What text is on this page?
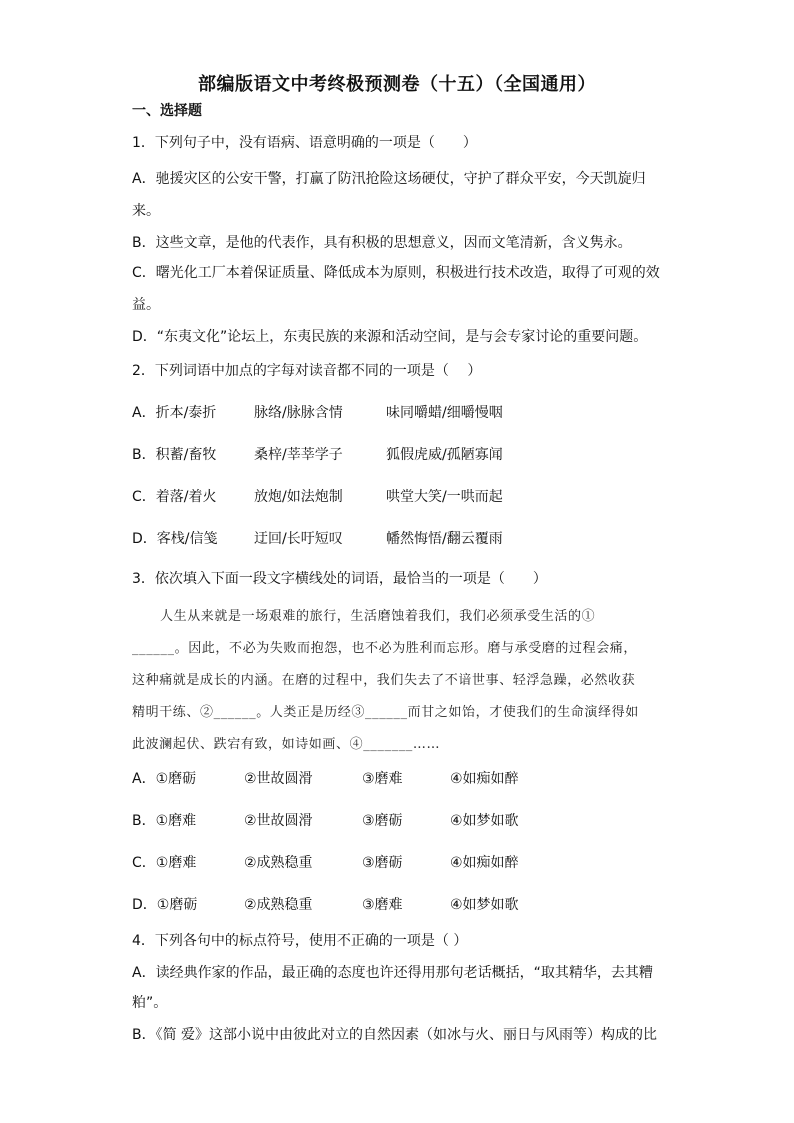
部编版语文中考终极预测卷（十五）（全国通用）
一、选择题
1．下列句子中，没有语病、语意明确的一项是（　　）
A．驰援灾区的公安干警，打赢了防汛抢险这场硬仗，守护了群众平安，今天凯旋归
来。
B．这些文章，是他的代表作，具有积极的思想意义，因而文笔清新，含义隽永。
C．曙光化工厂本着保证质量、降低成本为原则，积极进行技术改造，取得了可观的效
益。
D．“东夷文化”论坛上，东夷民族的来源和活动空间，是与会专家讨论的重要问题。
2．下列词语中加点的字每对读音都不同的一项是（　 ）
A．折本/泰折	脉络/脉脉含情	味同嚼蜡/细嚼慢咽
B．积蓄/畜牧	桑梓/莘莘学子	狐假虎威/孤陋寡闻
C．着落/着火	放炮/如法炮制	哄堂大笑/一哄而起
D．客栈/信笺	迂回/长吁短叹	幡然悔悟/翻云覆雨
3．依次填入下面一段文字横线处的词语，最恰当的一项是（　　）
人生从来就是一场艰难的旅行，生活磨蚀着我们，我们必须承受生活的①
______。因此，不必为失败而抱怨，也不必为胜利而忘形。磨与承受磨的过程会痛，
这种痛就是成长的内涵。在磨的过程中，我们失去了不谙世事、轻浮急躁，必然收获
精明干练、②______。人类正是历经③______而甘之如饴，才使我们的生命演绎得如
此波澜起伏、跌宕有致，如诗如画、④_______……
A．①磨砺	②世故圆滑	③磨难	④如痴如醉
B．①磨难	②世故圆滑	③磨砺	④如梦如歌
C．①磨难	②成熟稳重	③磨砺	④如痴如醉
D．①磨砺	②成熟稳重	③磨难	④如梦如歌
4．下列各句中的标点符号，使用不正确的一项是（ ）
A．读经典作家的作品，最正确的态度也许还得用那句老话概括，“取其精华，去其糟
粕”。
B．《简 爱》这部小说中由彼此对立的自然因素（如冰与火、丽日与风雨等）构成的比
